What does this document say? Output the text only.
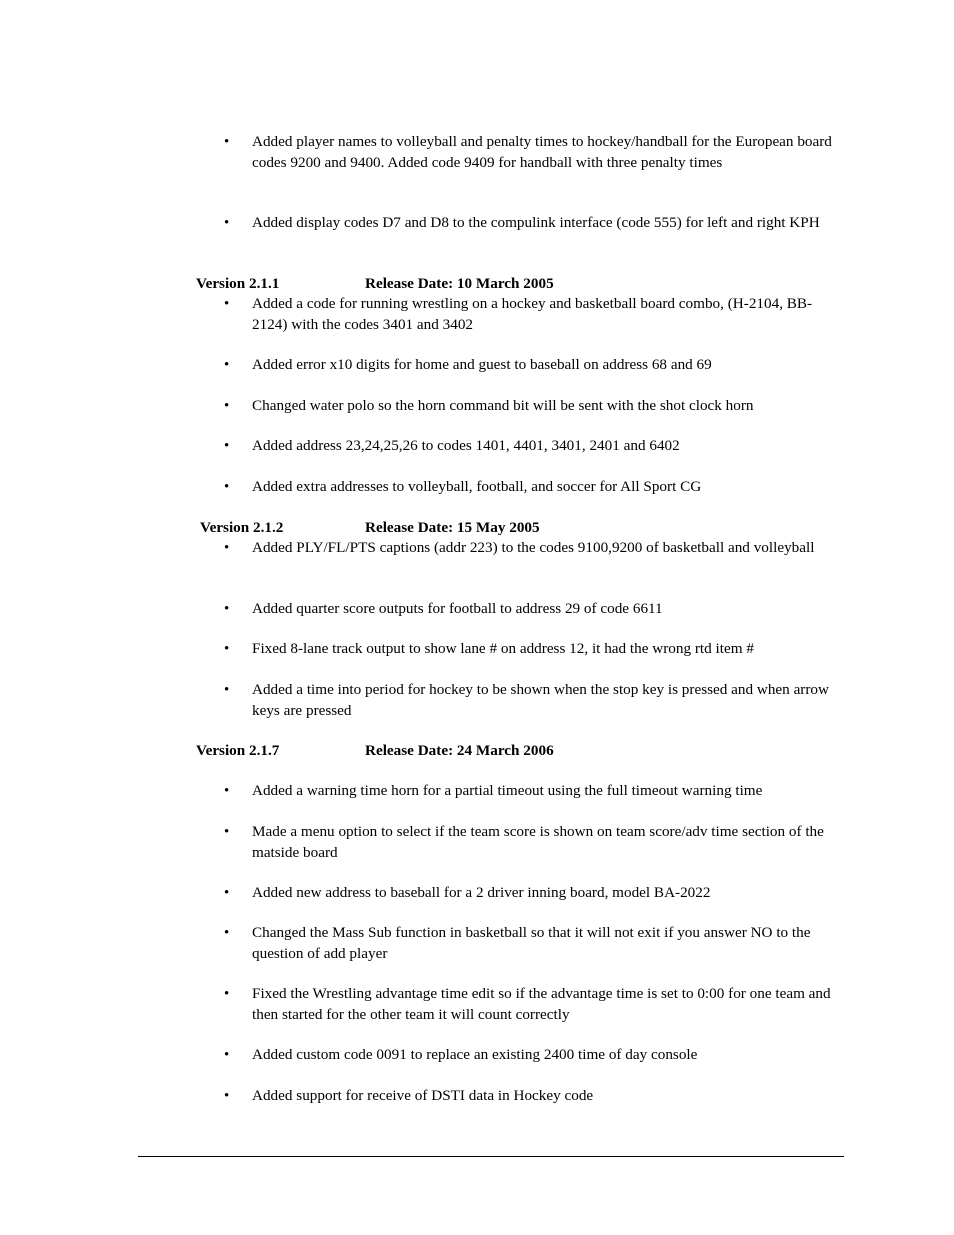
• Added player names to volleyball and penalty times to hockey/handball for the European board codes 9200 and 9400. Added code 9409 for handball with three penalty times
• Added display codes D7 and D8 to the compulink interface (code 555) for left and right KPH
Version 2.1.1	Release Date: 10 March 2005
• Added a code for running wrestling on a hockey and basketball board combo, (H-2104, BB-2124) with the codes 3401 and 3402
• Added error x10 digits for home and guest to baseball on address 68 and 69
• Changed water polo so the horn command bit will be sent with the shot clock horn
• Added address 23,24,25,26 to codes 1401, 4401, 3401, 2401 and 6402
• Added extra addresses to volleyball, football, and soccer for All Sport CG
Version 2.1.2	Release Date: 15 May 2005
• Added PLY/FL/PTS captions (addr 223) to the codes 9100,9200 of basketball and volleyball
• Added quarter score outputs for football to address 29 of code 6611
• Fixed 8-lane track output to show lane # on address 12, it had the wrong rtd item #
• Added a time into period for hockey to be shown when the stop key is pressed and when arrow keys are pressed
Version 2.1.7	Release Date: 24 March 2006
• Added a warning time horn for a partial timeout using the full timeout warning time
• Made a menu option to select if the team score is shown on team score/adv time section of the matside board
• Added new address to baseball for a 2 driver inning board, model BA-2022
• Changed the Mass Sub function in basketball so that it will not exit if you answer NO to the question of add player
• Fixed the Wrestling advantage time edit so if the advantage time is set to 0:00 for one team and then started for the other team it will count correctly
• Added custom code 0091 to replace an existing 2400 time of day console
• Added support for receive of DSTI data in Hockey code
